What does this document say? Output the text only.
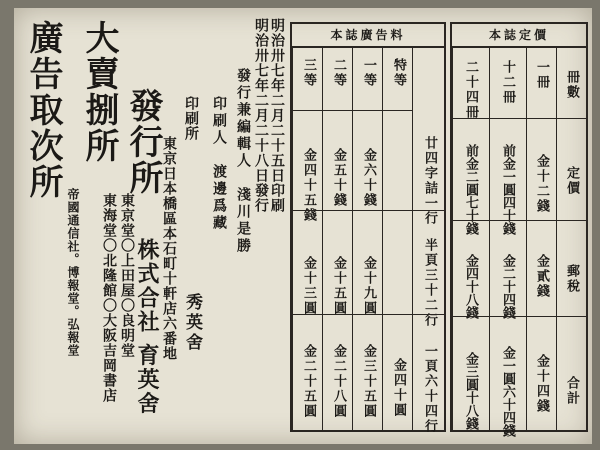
廣告取次所
帝國通信社。博報堂。弘報堂
大賣捌所
東京堂〇上田屋〇良明堂
東海堂〇北隆館〇大阪吉岡書店
發行所
東京日本橋區本石町十軒店六番地
株式合社 育英舍
印刷所
秀英舍
印刷人　渡邊爲藏 發行兼編輯人　淺川是勝 明治卅七年二月二十八日發行 明治卅七年二月二十五日印刷	本誌廣告料
廿四字詰一行
半頁三十二行
一頁六十四行
特等
金四十圓
一等
金六十錢
金十九圓
金三十五圓
二等
金五十錢
金十五圓
金二十八圓
三等
金四十五錢
金十三圓
金二十五圓
本誌定價
冊數
定價
郵稅
合計
一冊
金十二錢
金貳錢
金十四錢
十二冊
前金一圓四十錢
金二十四錢
金一圓六十四錢
二十四冊
前金二圓七十錢
金四十八錢
金三圓十八錢
